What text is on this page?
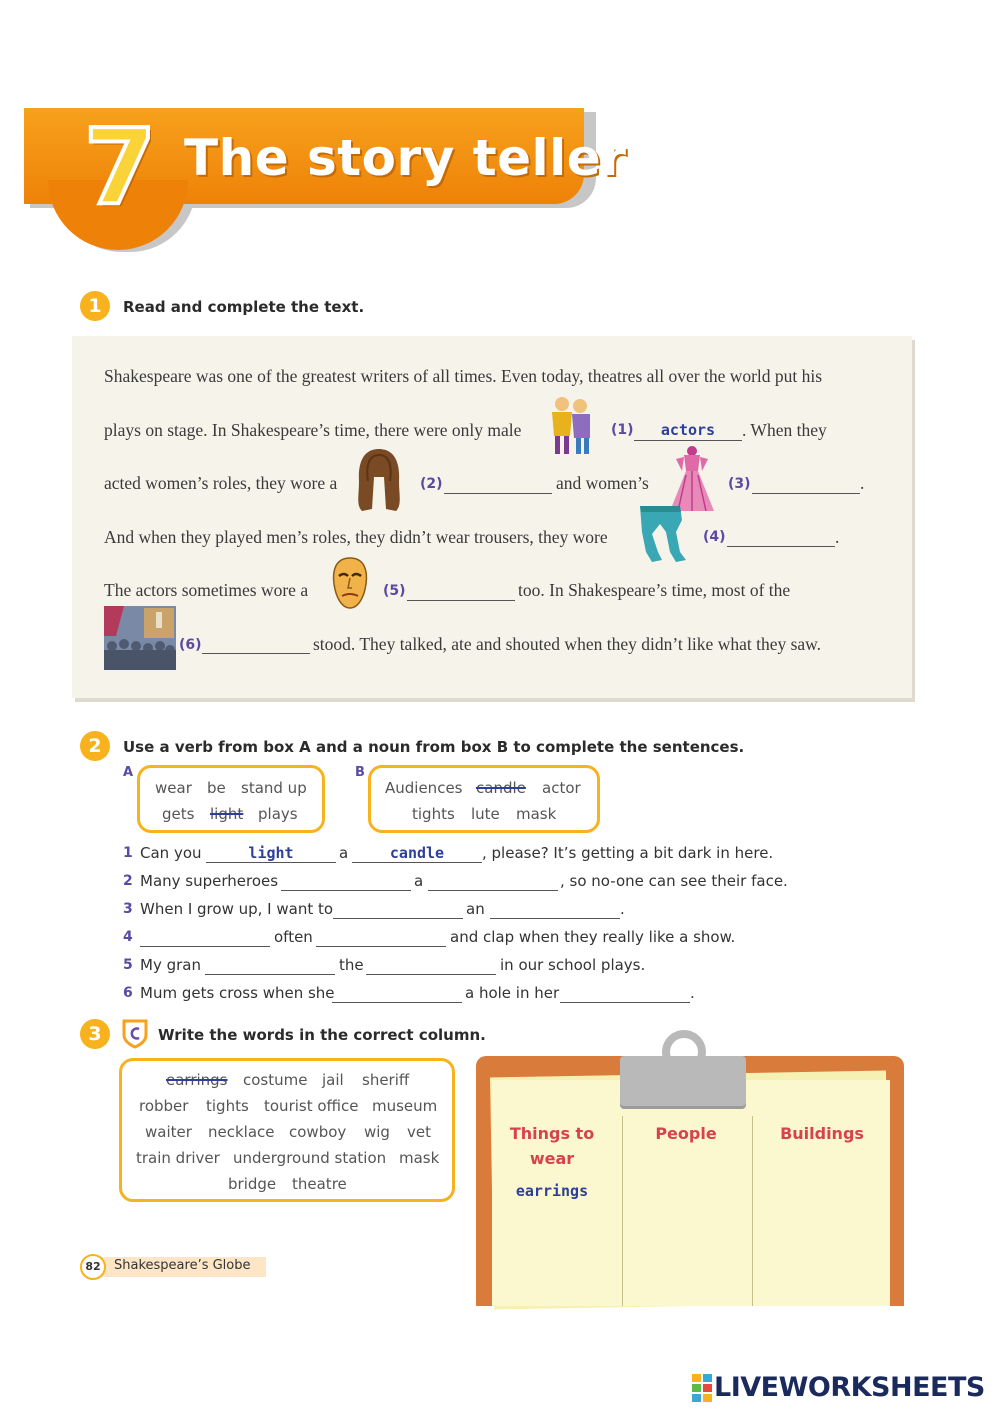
7 The story teller
1	Read and complete the text.
Shakespeare was one of the greatest writers of all times. Even today, theatres all over the world put his
plays on stage. In Shakespeare’s time, there were only male	(1)	actors	. When they
acted women’s roles, they wore a	(2)	and women’s	(3)	.
And when they played men’s roles, they didn’t wear trousers, they wore	(4)	.
The actors sometimes wore a	(5)	too. In Shakespeare’s time, most of the
(6)	stood. They talked, ate and shouted when they didn’t like what they saw.
2	Use a verb from box A and a noun from box B to complete the sentences.
A
wear be stand up
gets light plays
B
Audiences candle actor
tights lute mask
1 Can you	light	a	candle	, please? It’s getting a bit dark in here.
2 Many superheroes	a	, so no-one can see their face.
3 When I grow up, I want to	an	.
4	often	and clap when they really like a show.
5 My gran	the	in our school plays.
6 Mum gets cross when she	a hole in her	.
3	Write the words in the correct column.
earrings costume jail sheriff
robber tights tourist office museum
waiter necklace cowboy wig vet
train driver underground station mask
bridge theatre
Things to
wear
earrings
People	Buildings
82	Shakespeare’s Globe
LIVEWORKSHEETS
